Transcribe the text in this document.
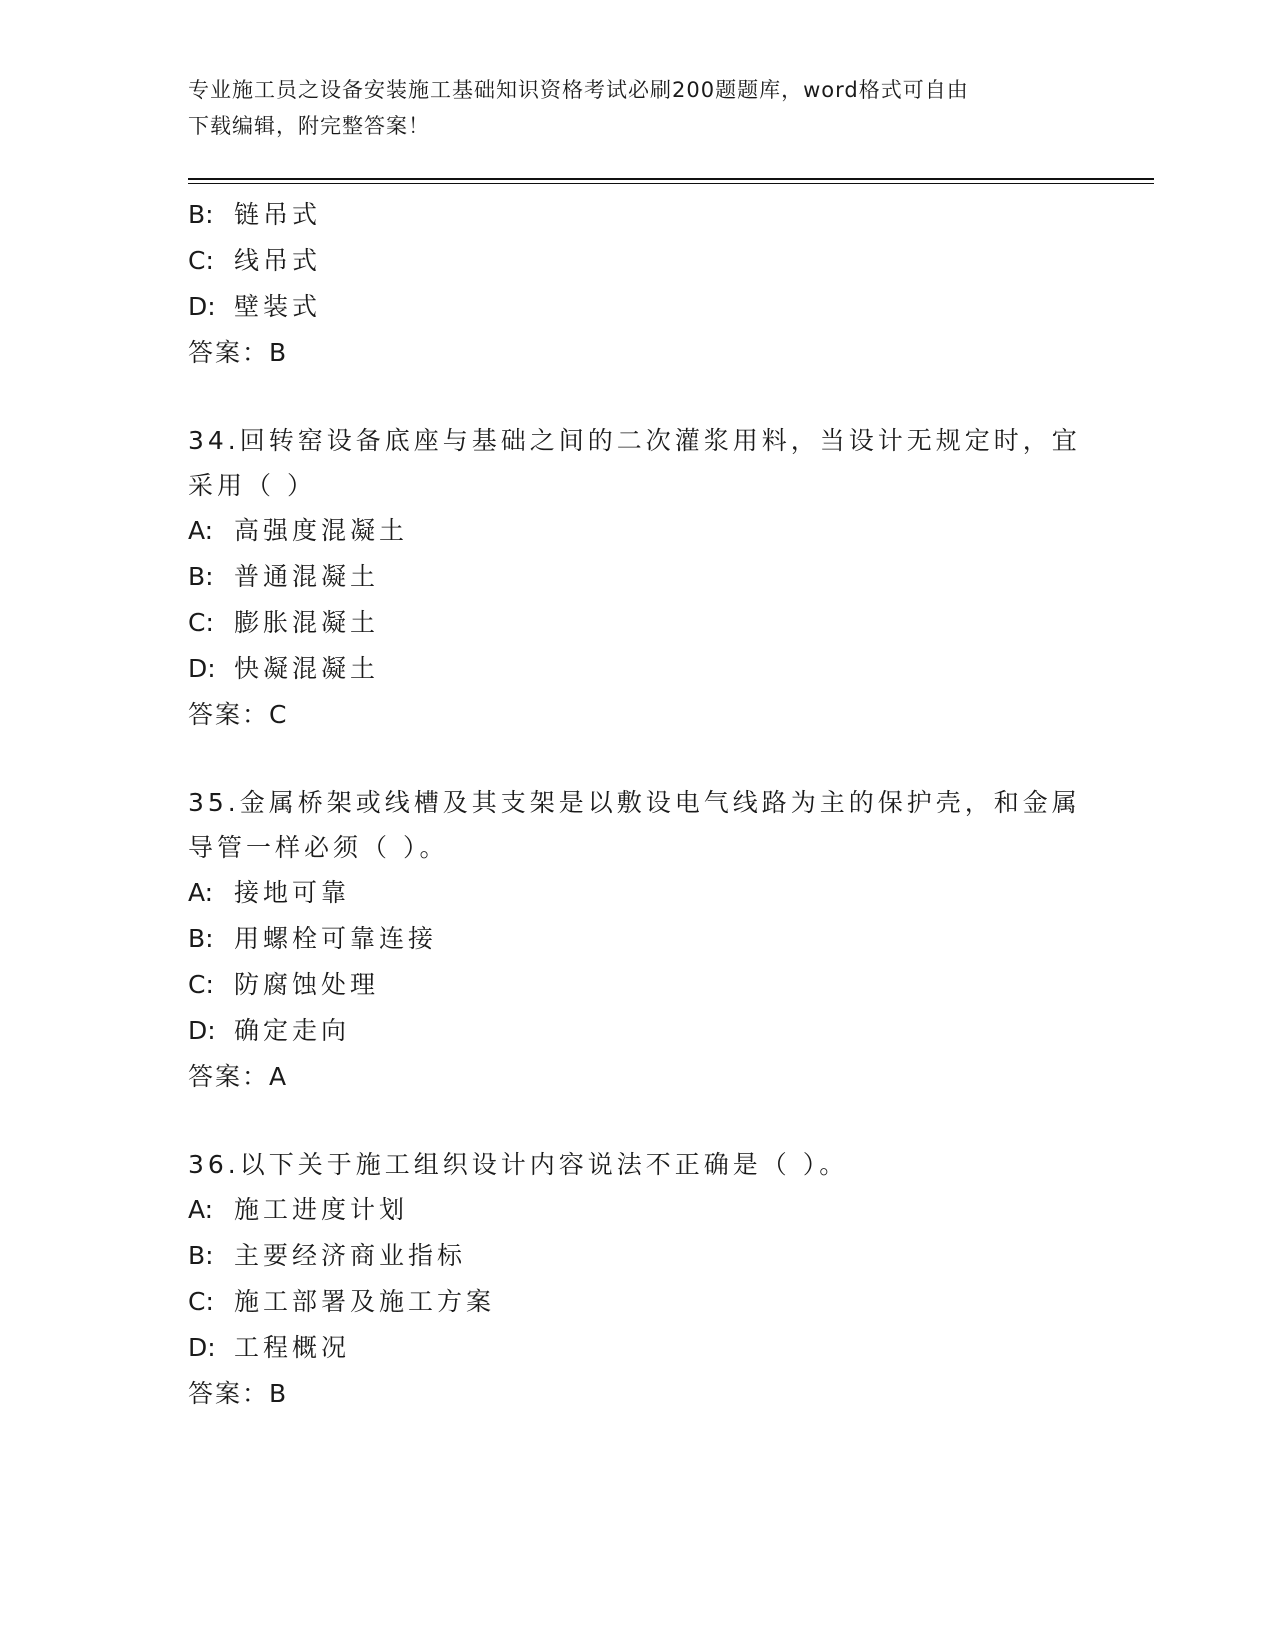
专业施工员之设备安装施工基础知识资格考试必刷200题题库，word格式可自由
下载编辑，附完整答案！
B: 链吊式
C: 线吊式
D: 壁装式
答案：B
34.回转窑设备底座与基础之间的二次灌浆用料，当设计无规定时，宜
采用（ ）
A: 高强度混凝土
B: 普通混凝土
C: 膨胀混凝土
D: 快凝混凝土
答案：C
35.金属桥架或线槽及其支架是以敷设电气线路为主的保护壳，和金属
导管一样必须（ ）。
A: 接地可靠
B: 用螺栓可靠连接
C: 防腐蚀处理
D: 确定走向
答案：A
36.以下关于施工组织设计内容说法不正确是（ ）。
A: 施工进度计划
B: 主要经济商业指标
C: 施工部署及施工方案
D: 工程概况
答案：B
